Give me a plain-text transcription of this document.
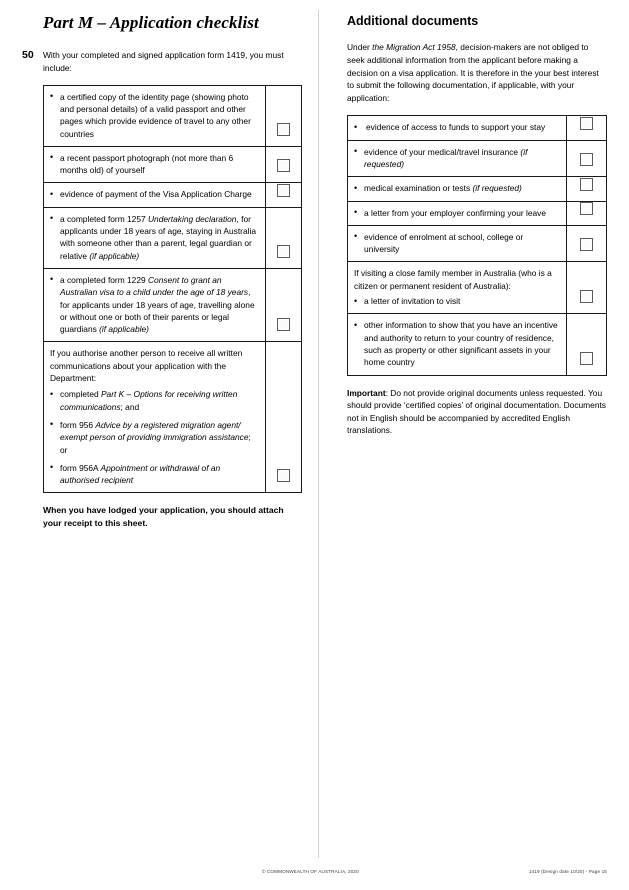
Part M – Application checklist
50 With your completed and signed application form 1419, you must include:
• a certified copy of the identity page (showing photo and personal details) of a valid passport and other pages which provide evidence of travel to any other countries

• a recent passport photograph (not more than 6 months old) of yourself

• evidence of payment of the Visa Application Charge

• a completed form 1257 Undertaking declaration, for applicants under 18 years of age, staying in Australia with someone other than a parent, legal guardian or relative (if applicable)

• a completed form 1229 Consent to grant an Australian visa to a child under the age of 18 years, for applicants under 18 years of age, travelling alone or without one or both of their parents or legal guardians (if applicable)

If you authorise another person to receive all written communications about your application with the Department:
• completed Part K – Options for receiving written communications; and
• form 956 Advice by a registered migration agent/ exempt person of providing immigration assistance; or
• form 956A Appointment or withdrawal of an authorised recipient

When you have lodged your application, you should attach your receipt to this sheet.
Additional documents

Under the Migration Act 1958, decision-makers are not obliged to seek additional information from the applicant before making a decision on a visa application. It is therefore in the your best interest to submit the following documentation, if applicable, with your application:

• evidence of access to funds to support your stay

• evidence of your medical/travel insurance (if requested)

• medical examination or tests (if requested)

• a letter from your employer confirming your leave

• evidence of enrolment at school, college or university

If visiting a close family member in Australia (who is a citizen or permanent resident of Australia):
• a letter of invitation to visit

• other information to show that you have an incentive and authority to return to your country of residence, such as property or other significant assets in your home country

Important: Do not provide original documents unless requested. You should provide ‘certified copies’ of original documentation. Documents not in English should be accompanied by accredited English translations.

© COMMONWEALTH OF AUSTRALIA, 2020	1419 (Design date 10/20) - Page 15
